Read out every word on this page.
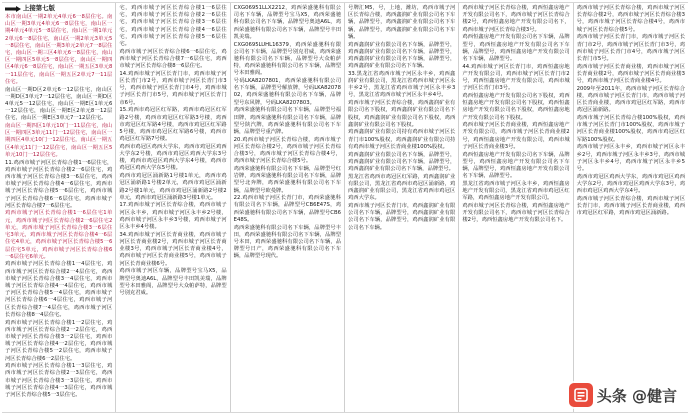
上接第七版

本市南山区一期2单元4单元6一8层住宅。南山区一期3单元4单元6一8层住宅，南山区一期4单元4单元5一8层住宅，南山区一期1单元2单元6一8层住宅，南山区一期2单元3单元5一8层住宅，南山区一期3单元2单元7一8层住宅，南山区一期三区4单元6一8层住宅，南山区一期四区5单元5一8层住宅，南山区一期四区4单元6一8层住宅，南山区一期五区3单元8一11层住宅，南山区一期五区2单元7一11层住宅。

南山区一期D区2单元6一12层住宅，南山区一期D区3单元7一12层住宅，南山区一期D区4单元5一12层住宅，南山区一期E区1单元6一12层住宅，南山区一期E区2单元8一12层住宅，南山区一期E区3单元7一12层住宅。

南山区一期四区1单元10门一11层住宅，南山区一期四区3单元11门一12层住宅，南山区一期四区4单元10门一12层住宅，南山区一期五区4单元11门一12层住宅，南山区一期五区5单元10门一12层住宅。

11.鸡西市城子河区长青综合楼1一6层住宅，鸡西市城子河区长青综合楼2一6层住宅，鸡西市城子河区长青综合楼3一6层住宅，鸡西市城子河区长青综合楼4一6层住宅，鸡西市城子河区长青综合楼5一6层住宅，鸡西市城子河区长青综合楼6一6层住宅，鸡西市城子河区长青综合楼7一6层住宅。

鸡西市城子河区长青综合楼1一6层住宅1单元，鸡西市城子河区长青综合楼2一6层住宅2单元，鸡西市城子河区长青综合楼3一6层住宅3单元，鸡西市城子河区长青综合楼4一6层住宅4单元，鸡西市城子河区长青综合楼5一6层住宅5单元，鸡西市城子河区长青综合楼6一6层住宅6单元。

鸡西市城子河区长青综合楼1一4层住宅，鸡西市城子河区长青综合楼2一4层住宅，鸡西市城子河区长青综合楼3一4层住宅，鸡西市城子河区长青综合楼4一4层住宅，鸡西市城子河区长青综合楼5一4层住宅，鸡西市城子河区长青综合楼6一4层住宅，鸡西市城子河区长青综合楼7一4层住宅，鸡西市城子河区长青综合楼8一4层住宅。

鸡西市城子河区长青综合楼1一2层住宅，鸡西市城子河区长青综合楼2一2层住宅，鸡西市城子河区长青综合楼3一2层住宅，鸡西市城子河区长青综合楼4一2层住宅，鸡西市城子河区长青综合楼5一2层住宅，鸡西市城子河区长青综合楼6一2层住宅。

鸡西市城子河区长青综合楼1一3层住宅，鸡西市城子河区长青综合楼2一3层住宅，鸡西市城子河区长青综合楼3一3层住宅，鸡西市城子河区长青综合楼4一3层住宅，鸡西市城子河区长青综合楼5一3层住宅。

宅，鸡西市城子河区长青综合楼1一6层住宅，鸡西市城子河区长青综合楼2一6层住宅，鸡西市城子河区长青综合楼3一6层住宅，鸡西市城子河区长青综合楼4一6层住宅，鸡西市城子河区长青综合楼5一6层住宅。

鸡西市城子河区长青综合楼6一6层住宅，鸡西市城子河区长青综合楼7一6层住宅，鸡西市城子河区长青综合楼8一6层住宅。

14.鸡西市城子河区长青门市，鸡西市城子河区长青门市2号，鸡西市城子河区长青门市3号，鸡西市城子河区长青门市4号，鸡西市城子河区长青门市5号，鸡西市城子河区长青门市6号。

15.鸡西市鸡冠区红军路，鸡西市鸡冠区红军路2号楼，鸡西市鸡冠区红军路3号楼，鸡西市鸡冠区红军路4号楼，鸡西市鸡冠区红军路5号楼，鸡西市鸡冠区红军路6号楼，鸡西市鸡冠区红军路7号楼。

鸡西市鸡冠区鸡西大学东，鸡西市鸡冠区鸡西大学东2号楼，鸡西市鸡冠区鸡西大学东3号楼，鸡西市鸡冠区鸡西大学东4号楼，鸡西市鸡冠区鸡西大学东5号楼。

鸡西市鸡冠区涌新路1号楼1单元，鸡西市鸡冠区涌新路1号楼2单元，鸡西市鸡冠区涌新路2号楼1单元，鸡西市鸡冠区涌新路2号楼2单元，鸡西市鸡冠区涌新路3号楼1单元。

17.鸡西市城子河区长青综合楼，鸡西市城子河区永丰乡，鸡西市城子河区永丰乡2号楼，鸡西市城子河区永丰乡3号楼，鸡西市城子河区永丰乡4号楼。

34.鸡西市城子河区长青商业楼，鸡西市城子河区长青商业楼2号，鸡西市城子河区长青商业楼3号，鸡西市城子河区长青商业楼4号，鸡西市城子河区长青商业楼5号，鸡西市城子河区长青商业楼6号。

鸡西市城子河区车辆，品牌型号宝马X5，品牌型号奥迪A6L，品牌型号丰田凯美瑞，品牌型号本田雅阁，品牌型号大众帕萨特，品牌型号别克君威。

CXG06951LLX2212，鸡西荣盛驰科有限公司名下车辆，品牌型号宝马X5，鸡西荣盛驰科有限公司名下车辆，品牌型号奥迪A6L，鸡西荣盛驰科有限公司名下车辆，品牌型号丰田凯美瑞。

CXG0695LUHL16379，鸡西荣盛驰科有限公司名下车辆，品牌型号别克君威，鸡西荣盛驰科有限公司名下车辆，品牌型号大众帕萨特，鸡西荣盛驰科有限公司名下车辆，品牌型号本田雅阁。

号码LKA8207801，鸡西荣盛驰科有限公司名下车辆，品牌型号解放牌，号码LKA8207802，鸡西荣盛驰科有限公司名下车辆，品牌型号东风牌，号码LKA8207803。

鸡西荣盛驰科有限公司名下车辆，品牌型号福田牌，鸡西荣盛驰科有限公司名下车辆，品牌型号陕汽牌，鸡西荣盛驰科有限公司名下车辆，品牌型号重汽牌。

20.鸡西市城子河区长青综合楼，鸡西市城子河区长青综合楼2号，鸡西市城子河区长青综合楼3号，鸡西市城子河区长青综合楼4号，鸡西市城子河区长青综合楼5号。

鸡西荣盛驰科有限公司名下车辆，品牌型号红岩牌，鸡西荣盛驰科有限公司名下车辆，品牌型号北奔牌，鸡西荣盛驰科有限公司名下车辆，品牌型号欧曼牌。

22.鸡西市城子河区长青门市，鸡西荣盛驰科有限公司名下车辆，品牌型号CB6E47S，鸡西荣盛驰科有限公司名下车辆，品牌型号CB6E48S。

鸡西荣盛驰科有限公司名下车辆，品牌型号丰田，鸡西荣盛驰科有限公司名下车辆，品牌型号本田，鸡西荣盛驰科有限公司名下车辆，品牌型号日产，鸡西荣盛驰科有限公司名下车辆，品牌型号现代。

号牌汇M5，号，上地，潍坊，鸡西市城子河区长青综合楼，鸡西鑫润矿业有限公司名下车辆，品牌型号，鸡西鑫润矿业有限公司名下车辆，品牌型号，鸡西鑫润矿业有限公司名下车辆。

鸡西鑫润矿业有限公司名下车辆，品牌型号，鸡西鑫润矿业有限公司名下车辆，品牌型号，鸡西鑫润矿业有限公司名下车辆，品牌型号，鸡西鑫润矿业有限公司名下车辆。

33.黑龙江省鸡西市城子河区永丰乡，鸡西鑫润矿业有限公司，黑龙江省鸡西市城子河区永丰乡2号，黑龙江省鸡西市城子河区永丰乡3号，黑龙江省鸡西市城子河区永丰乡4号。

鸡西市城子河区长青综合楼，鸡西鑫润矿业有限公司名下股权，鸡西鑫润矿业有限公司名下股权，鸡西鑫润矿业有限公司名下股权，鸡西鑫润矿业有限公司名下股权。

鸡西鑫润矿业有限公司持有鸡西市城子河区长青门市100%股权，鸡西鑫润矿业有限公司持有鸡西市城子河区长青商业楼100%股权。

鸡西鑫润矿业有限公司名下车辆，品牌型号，鸡西鑫润矿业有限公司名下车辆，品牌型号，鸡西鑫润矿业有限公司名下车辆，品牌型号。

黑龙江省鸡西市鸡冠区红军路，鸡西鑫润矿业有限公司，黑龙江省鸡西市鸡冠区涌新路，鸡西鑫润矿业有限公司，黑龙江省鸡西市鸡冠区鸡西大学东。

鸡西市城子河区长青门市，鸡西鑫润矿业有限公司名下车辆，品牌型号，鸡西鑫润矿业有限公司名下车辆，品牌型号，鸡西鑫润矿业有限公司名下车辆。

鸡西市城子河区长青综合楼，鸡西恒鑫房地产开发有限公司名下，鸡西市城子河区长青综合楼2号，鸡西恒鑫房地产开发有限公司名下，鸡西市城子河区长青综合楼3号。

鸡西恒鑫房地产开发有限公司名下车辆，品牌型号，鸡西恒鑫房地产开发有限公司名下车辆，品牌型号，鸡西恒鑫房地产开发有限公司名下车辆，品牌型号。

44.鸡西市城子河区长青门市，鸡西恒鑫房地产开发有限公司，鸡西市城子河区长青门市2号，鸡西恒鑫房地产开发有限公司，鸡西市城子河区长青门市3号。

鸡西恒鑫房地产开发有限公司名下股权，鸡西恒鑫房地产开发有限公司名下股权，鸡西恒鑫房地产开发有限公司名下股权，鸡西恒鑫房地产开发有限公司名下股权。

鸡西市城子河区长青商业楼，鸡西恒鑫房地产开发有限公司，鸡西市城子河区长青商业楼2号，鸡西恒鑫房地产开发有限公司，鸡西市城子河区长青商业楼3号。

鸡西恒鑫房地产开发有限公司名下车辆，品牌型号，鸡西恒鑫房地产开发有限公司名下车辆，品牌型号，鸡西恒鑫房地产开发有限公司名下车辆，品牌型号。

黑龙江省鸡西市城子河区永丰乡，鸡西恒鑫房地产开发有限公司，黑龙江省鸡西市鸡冠区红军路，鸡西恒鑫房地产开发有限公司。

鸡西市城子河区长青综合楼，鸡西恒鑫房地产开发有限公司名下，鸡西市城子河区长青综合楼2号，鸡西恒鑫房地产开发有限公司名下。

鸡西市城子河区长青综合楼，鸡西市城子河区长青综合楼2号，鸡西市城子河区长青综合楼3号，鸡西市城子河区长青综合楼4号，鸡西市城子河区长青综合楼5号。

鸡西市城子河区长青门市，鸡西市城子河区长青门市2号，鸡西市城子河区长青门市3号，鸡西市城子河区长青门市4号，鸡西市城子河区长青门市5号。

鸡西市城子河区长青商业楼，鸡西市城子河区长青商业楼2号，鸡西市城子河区长青商业楼3号，鸡西市城子河区长青商业楼4号。

2009年至2011年，鸡西市城子河区长青综合楼，鸡西市城子河区长青门市，鸡西市城子河区长青商业楼，鸡西市鸡冠区红军路，鸡西市鸡冠区涌新路。

鸡西市城子河区长青综合楼100%股权，鸡西市城子河区长青门市100%股权，鸡西市城子河区长青商业楼100%股权，鸡西市鸡冠区红军路100%股权。

鸡西市城子河区永丰乡，鸡西市城子河区永丰乡2号，鸡西市城子河区永丰乡3号，鸡西市城子河区永丰乡4号，鸡西市城子河区永丰乡5号。

鸡西市鸡冠区鸡西大学东，鸡西市鸡冠区鸡西大学东2号，鸡西市鸡冠区鸡西大学东3号，鸡西市鸡冠区鸡西大学东4号。

鸡西市城子河区长青综合楼，鸡西市城子河区长青门市，鸡西市城子河区长青商业楼，鸡西市鸡冠区红军路，鸡西市鸡冠区涌新路。

头条 @健言
